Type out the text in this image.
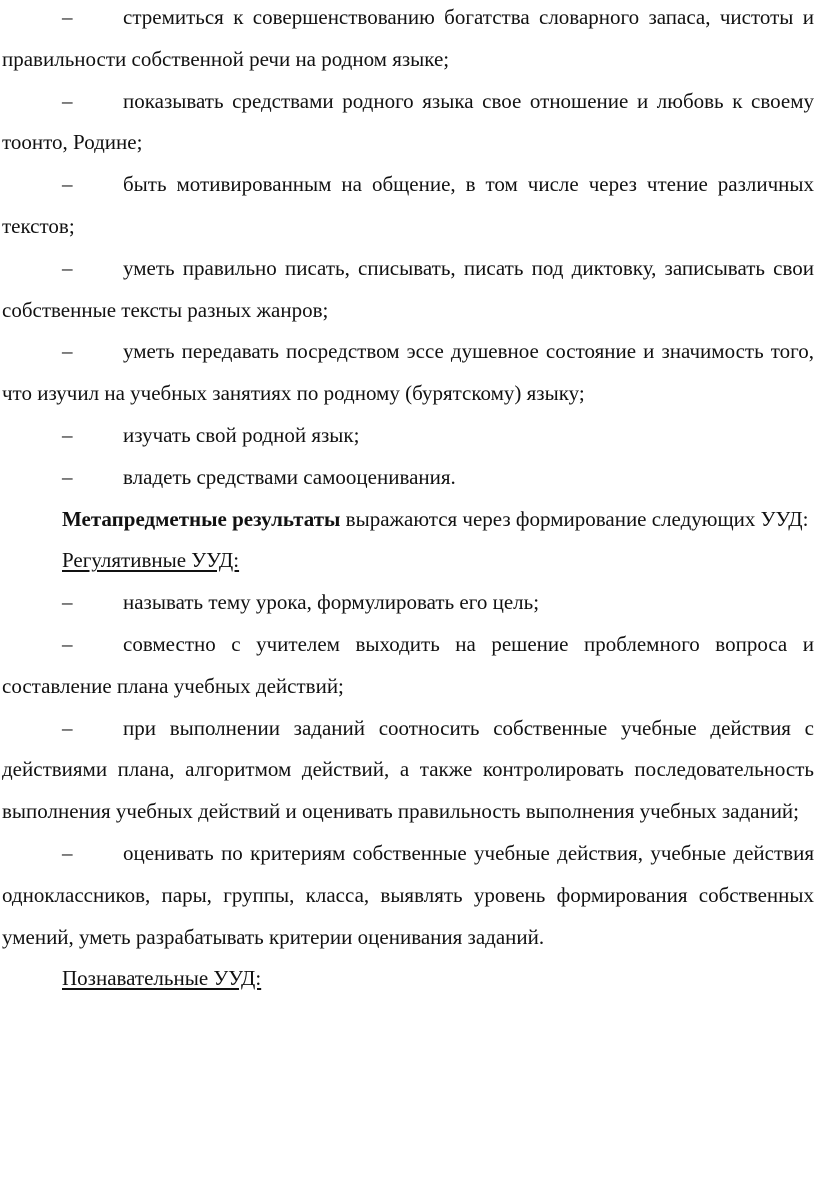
– стремиться к совершенствованию богатства словарного запаса, чистоты и правильности собственной речи на родном языке;

– показывать средствами родного языка свое отношение и любовь к своему тоонто, Родине;

– быть мотивированным на общение, в том числе через чтение различных текстов;

– уметь правильно писать, списывать, писать под диктовку, записывать свои собственные тексты разных жанров;

– уметь передавать посредством эссе душевное состояние и значимость того, что изучил на учебных занятиях по родному (бурятскому) языку;

– изучать свой родной язык;

– владеть средствами самооценивания.

Метапредметные результаты выражаются через формирование следующих УУД:

Регулятивные УУД:

– называть тему урока, формулировать его цель;

– совместно с учителем выходить на решение проблемного вопроса и составление плана учебных действий;

– при выполнении заданий соотносить собственные учебные действия с действиями плана, алгоритмом действий, а также контролировать последовательность выполнения учебных действий и оценивать правильность выполнения учебных заданий;

– оценивать по критериям собственные учебные действия, учебные действия одноклассников, пары, группы, класса, выявлять уровень формирования собственных умений, уметь разрабатывать критерии оценивания заданий.

Познавательные УУД:
